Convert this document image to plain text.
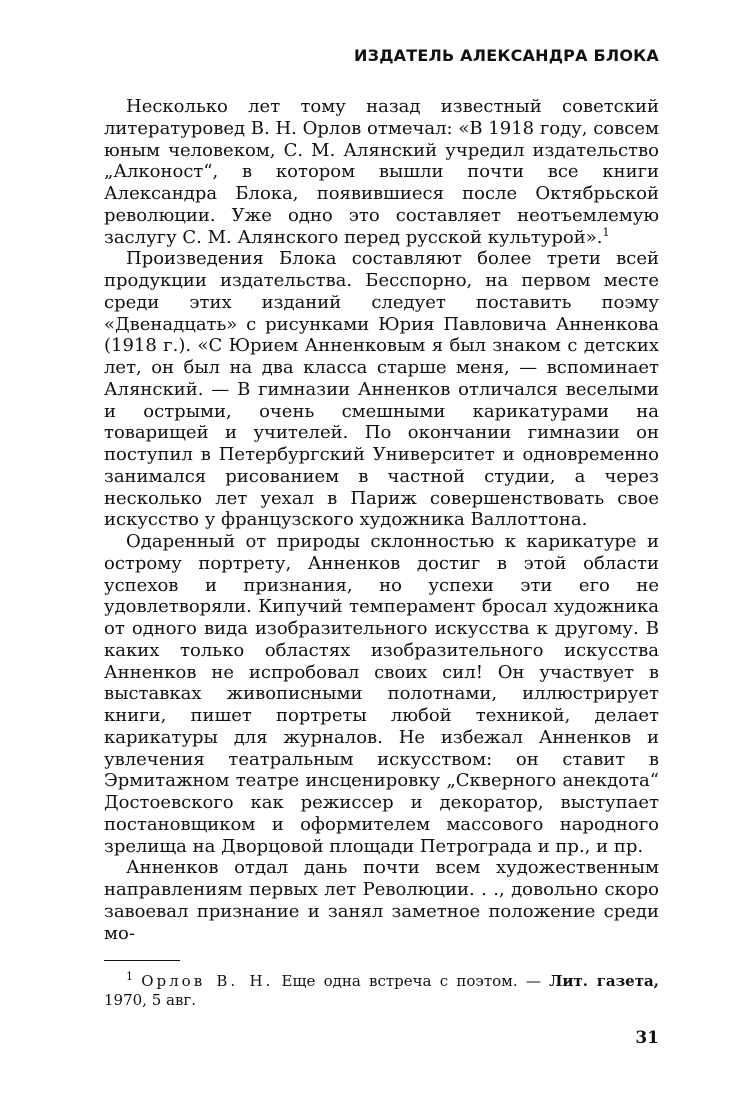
ИЗДАТЕЛЬ АЛЕКСАНДРА БЛОКА

Несколько лет тому назад известный советский литературовед В. Н. Орлов отмечал: «В 1918 году, совсем юным человеком, С. М. Алянский учредил издательство „Алконост“, в котором вышли почти все книги Александра Блока, появившиеся после Октябрьской революции. Уже одно это составляет неотъемлемую заслугу С. М. Алянского перед русской культурой».$^1$

Произведения Блока составляют более трети всей продукции издательства. Бесспорно, на первом месте среди этих изданий следует поставить поэму «Двенадцать» с рисунками Юрия Павловича Анненкова (1918 г.). «С Юрием Анненковым я был знаком с детских лет, он был на два класса старше меня, — вспоминает Алянский. — В гимназии Анненков отличался веселыми и острыми, очень смешными карикатурами на товарищей и учителей. По окончании гимназии он поступил в Петербургский Университет и одновременно занимался рисованием в частной студии, а через несколько лет уехал в Париж совершенствовать свое искусство у французского художника Валлоттона.

Одаренный от природы склонностью к карикатуре и острому портрету, Анненков достиг в этой области успехов и признания, но успехи эти его не удовлетворяли. Кипучий темперамент бросал художника от одного вида изобразительного искусства к другому. В каких только областях изобразительного искусства Анненков не испробовал своих сил! Он участвует в выставках живописными полотнами, иллюстрирует книги, пишет портреты любой техникой, делает карикатуры для журналов. Не избежал Анненков и увлечения театральным искусством: он ставит в Эрмитажном театре инсценировку „Скверного анекдота“ Достоевского как режиссер и декоратор, выступает постановщиком и оформителем массового народного зрелища на Дворцовой площади Петрограда и пр., и пр.

Анненков отдал дань почти всем художественным направлениям первых лет Революции. . ., довольно скоро завоевал признание и занял заметное положение среди мо-

$^1$ Орлов В. Н. Еще одна встреча с поэтом. — Лит. газета, 1970, 5 авг.

31
